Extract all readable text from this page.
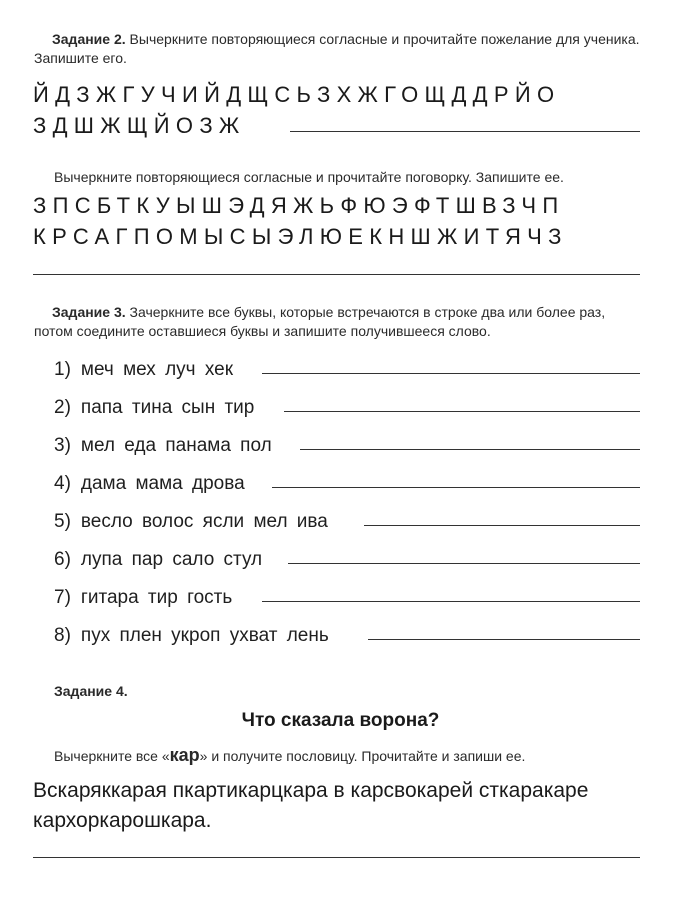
Задание 2. Вычеркните повторяющиеся согласные и прочитайте пожелание для ученика. Запишите его.
ЙДЗЖГУЧИЙДЩСЬЗХЖГОЩДДРЙО
ЗДШЖЩЙОЗЖ
Вычеркните повторяющиеся согласные и прочитайте поговорку. Запишите ее.
ЗПСБТКУЫШЭДЯЖЬФЮЭФТШВЗЧП
КРСАГПОМЫСЫЭЛЮЕКНШЖИТЯЧЗ
Задание 3. Зачеркните все буквы, которые встречаются в строке два или более раз, потом соедините оставшиеся буквы и запишите получившееся слово.
1) меч мех луч хек
2) папа тина сын тир
3) мел еда панама пол
4) дама мама дрова
5) весло волос ясли мел ива
6) лупа пар сало стул
7) гитара тир гость
8) пух плен укроп ухват лень
Задание 4.
Что сказала ворона?
Вычеркните все «кар» и получите пословицу. Прочитайте и запиши ее.
Вскаряккарая пкартикарцкара в карсвокарей сткаракаре
кархоркарошкара.
